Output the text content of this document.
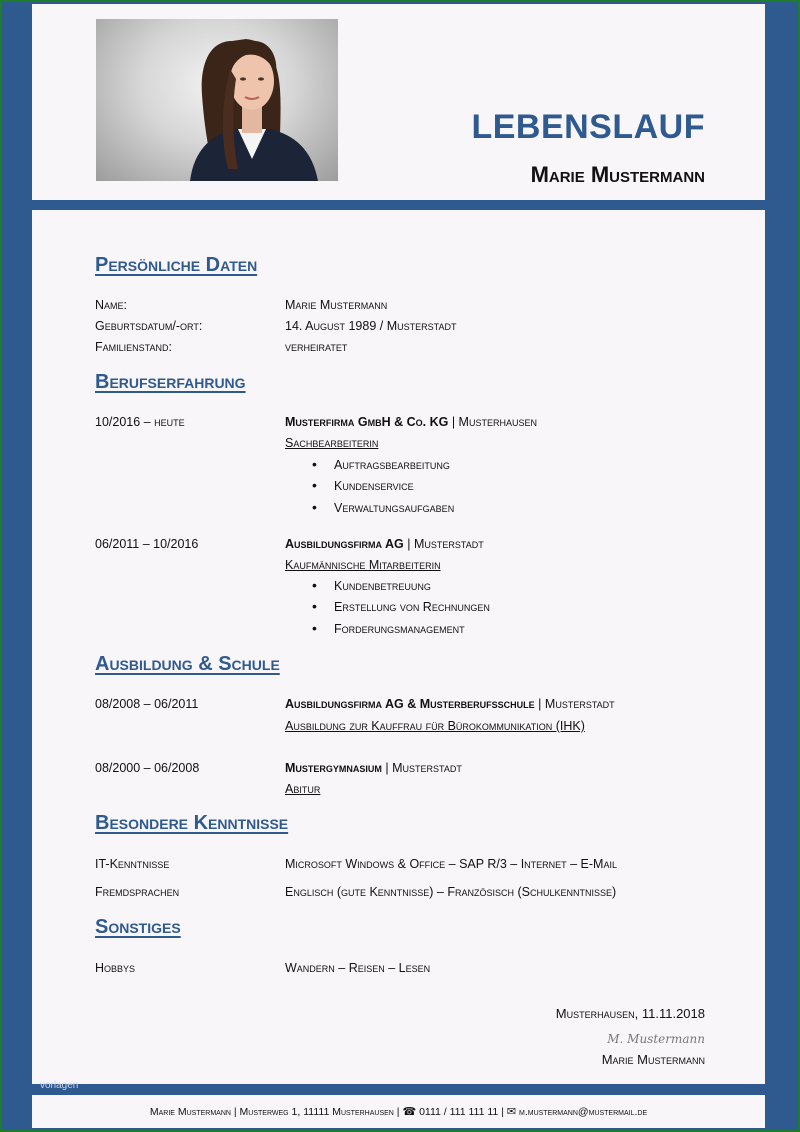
LEBENSLAUF
Marie Mustermann
Persönliche Daten
Name:	Marie Mustermann
Geburtsdatum/-ort:	14. August 1989 / Musterstadt
Familienstand:	verheiratet
Berufserfahrung
10/2016 – heute	Musterfirma GmbH & Co. KG | Musterhausen
Sachbearbeiterin
• Auftragsbearbeitung
• Kundenservice
• Verwaltungsaufgaben
06/2011 – 10/2016	Ausbildungsfirma AG | Musterstadt
Kaufmännische Mitarbeiterin
• Kundenbetreuung
• Erstellung von Rechnungen
• Forderungsmanagement
Ausbildung & Schule
08/2008 – 06/2011	Ausbildungsfirma AG & Musterberufsschule | Musterstadt
Ausbildung zur Kauffrau für Bürokommunikation (IHK)
08/2000 – 06/2008	Mustergymnasium | Musterstadt
Abitur
Besondere Kenntnisse
IT-Kenntnisse	Microsoft Windows & Office – SAP R/3 – Internet – E-Mail
Fremdsprachen	Englisch (gute Kenntnisse) – Französisch (Schulkenntnisse)
Sonstiges
Hobbys	Wandern – Reisen – Lesen
Musterhausen, 11.11.2018
M. Mustermann
Marie Mustermann
vorlagen
Marie Mustermann | Musterweg 1, 11111 Musterhausen | ☎ 0111 / 111 111 11 | ✉ m.mustermann@mustermail.de
